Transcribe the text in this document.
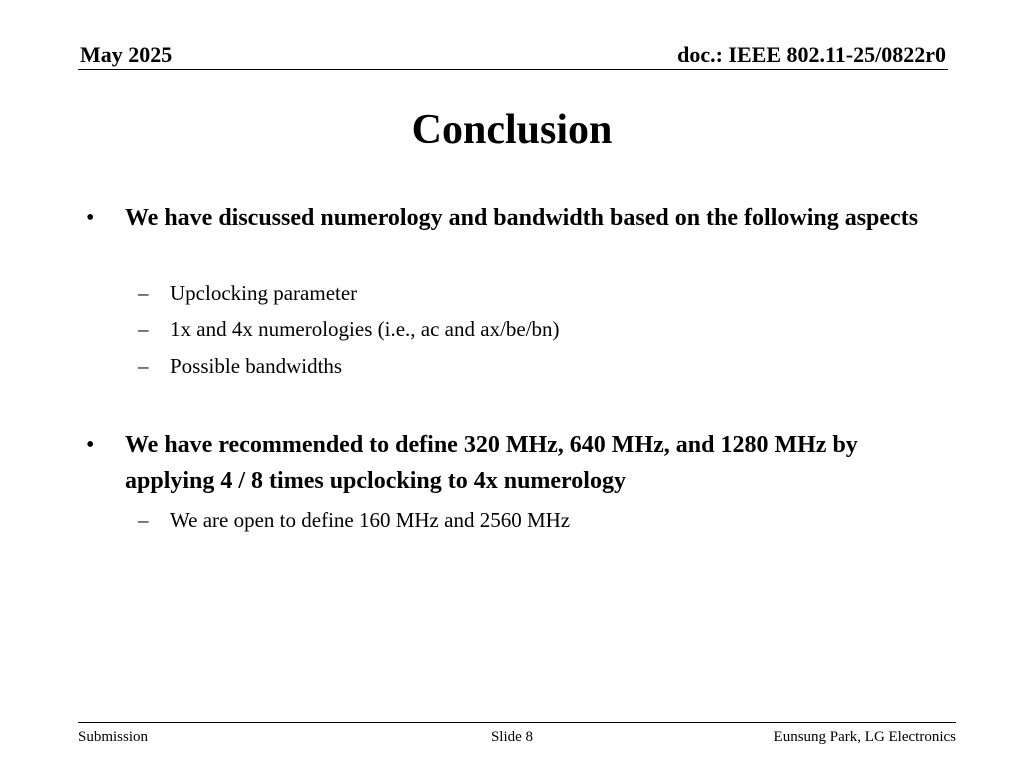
May 2025	doc.: IEEE 802.11-25/0822r0
Conclusion
• We have discussed numerology and bandwidth based on the following aspects
– Upclocking parameter
– 1x and 4x numerologies (i.e., ac and ax/be/bn)
– Possible bandwidths
• We have recommended to define 320 MHz, 640 MHz, and 1280 MHz by applying 4 / 8 times upclocking to 4x numerology
– We are open to define 160 MHz and 2560 MHz
Submission	Slide 8	Eunsung Park, LG Electronics
